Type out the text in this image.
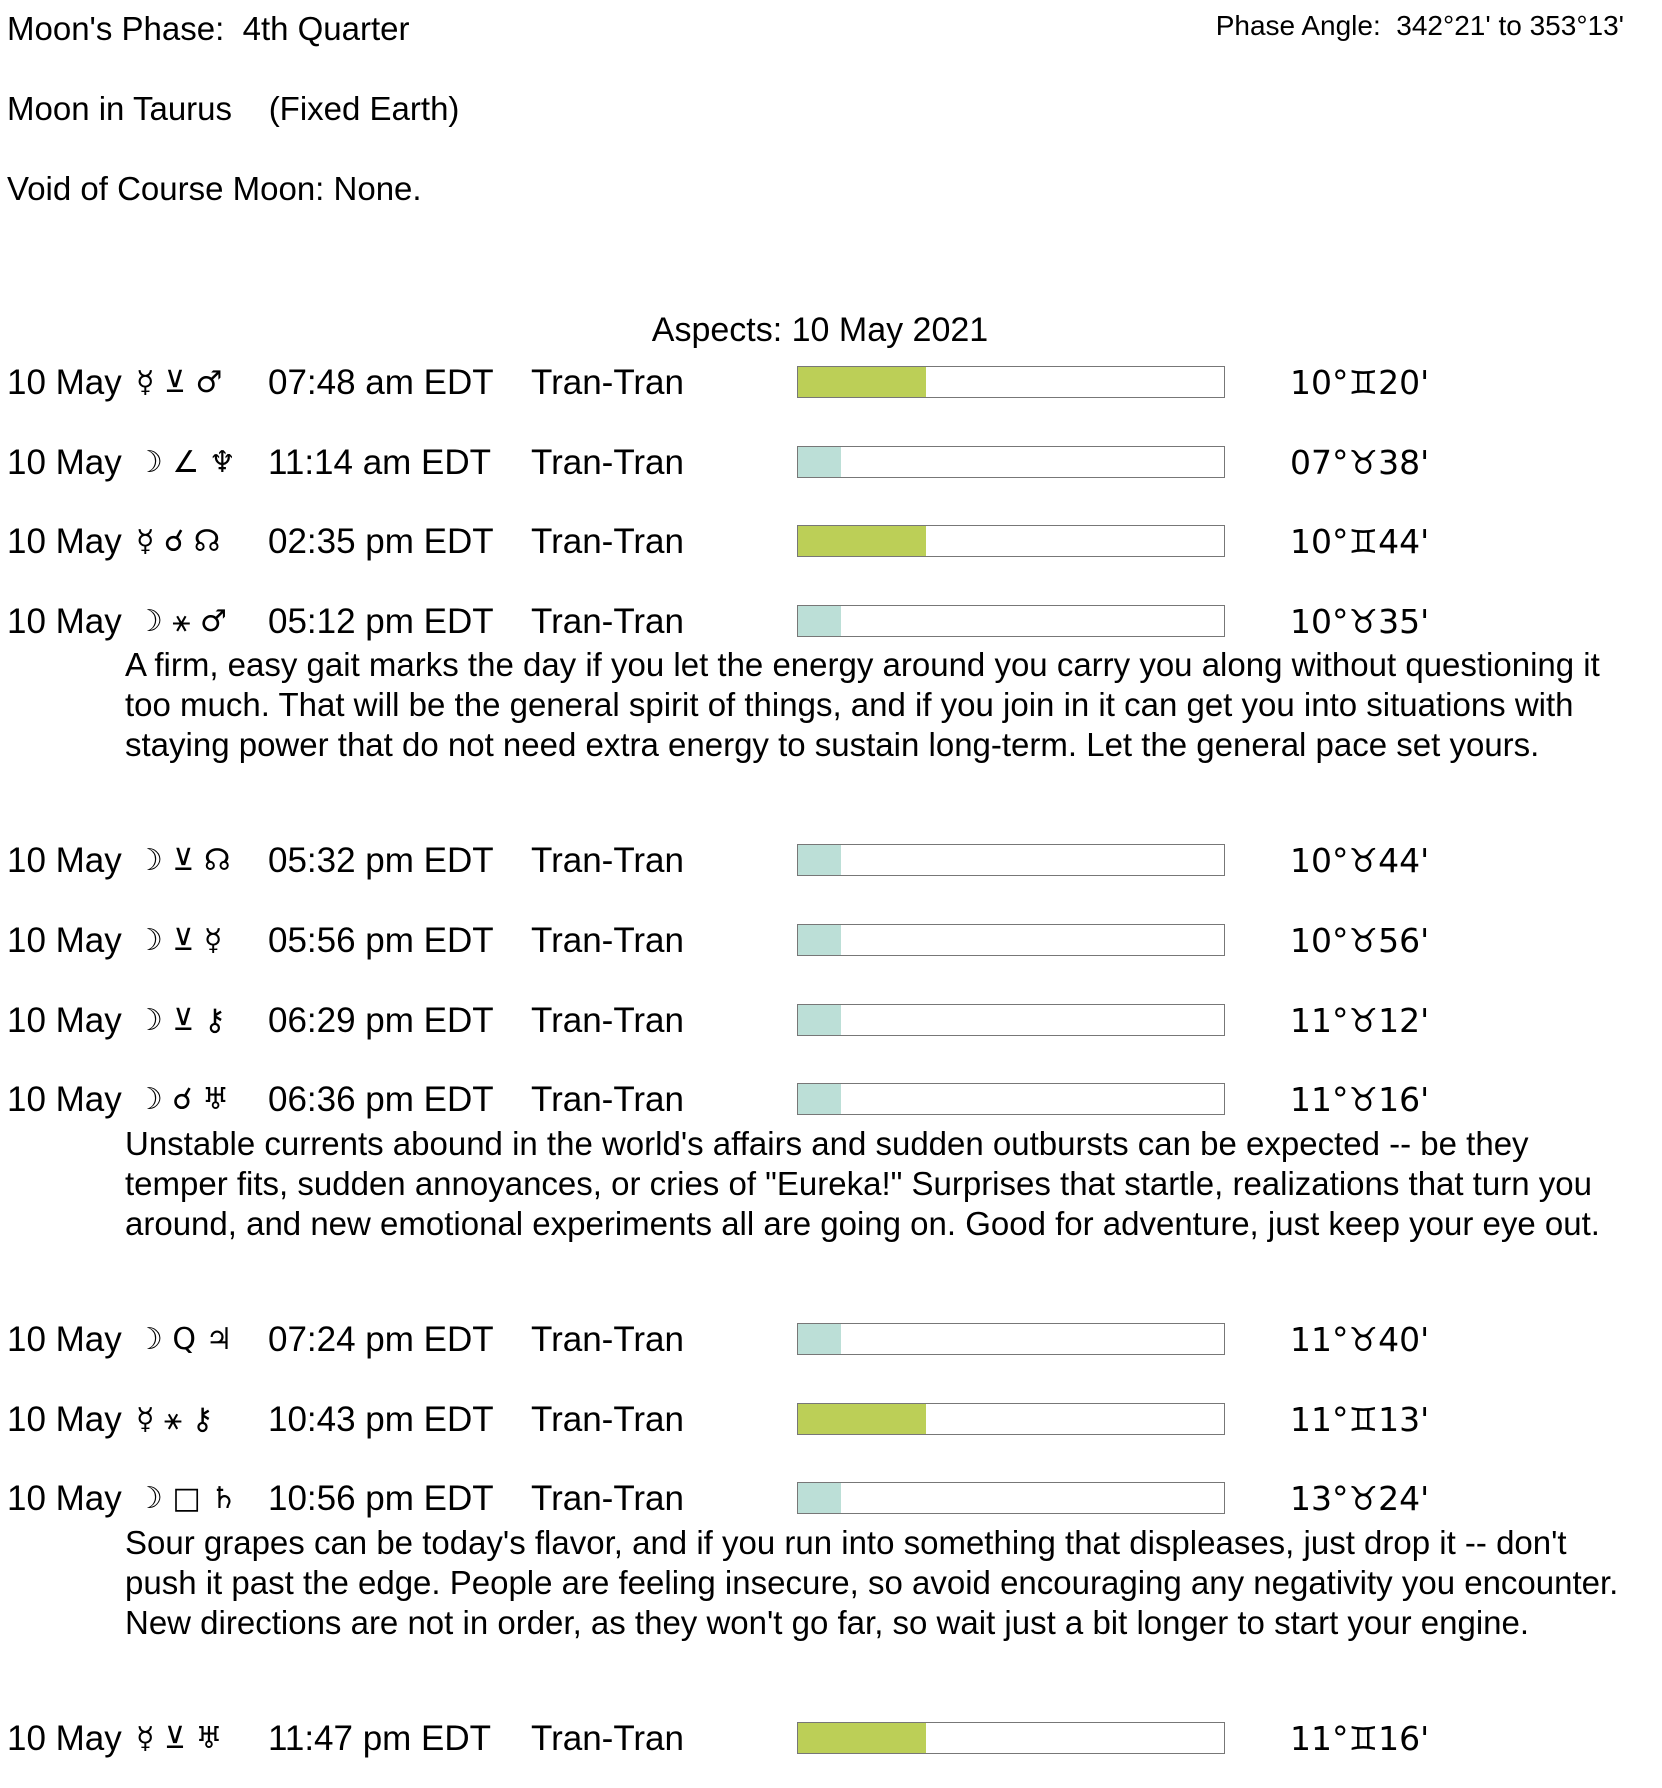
Moon's Phase:  4th Quarter	Phase Angle:  342°21' to 353°13'
Moon in Taurus    (Fixed Earth)
Void of Course Moon: None.
Aspects: 10 May 2021
10 May ☿ ⊻ ♂ 07:48 am EDT Tran-Tran	10°♊20'
10 May ☽ ∠ ♆ 11:14 am EDT Tran-Tran	07°♉38'
10 May ☿ ☌ ☊ 02:35 pm EDT Tran-Tran	10°♊44'
10 May ☽ ⚹ ♂ 05:12 pm EDT Tran-Tran	10°♉35'

A firm, easy gait marks the day if you let the energy around you carry you along without questioning it too much. That will be the general spirit of things, and if you join in it can get you into situations with staying power that do not need extra energy to sustain long-term. Let the general pace set yours.

10 May ☽ ⊻ ☊ 05:32 pm EDT Tran-Tran	10°♉44'
10 May ☽ ⊻ ☿ 05:56 pm EDT Tran-Tran	10°♉56'
10 May ☽ ⊻ ⚷ 06:29 pm EDT Tran-Tran	11°♉12'
10 May ☽ ☌ ♅ 06:36 pm EDT Tran-Tran	11°♉16'

Unstable currents abound in the world's affairs and sudden outbursts can be expected -- be they temper fits, sudden annoyances, or cries of "Eureka!" Surprises that startle, realizations that turn you around, and new emotional experiments all are going on. Good for adventure, just keep your eye out.

10 May ☽ Q ♃ 07:24 pm EDT Tran-Tran	11°♉40'
10 May ☿ ⚹ ⚷ 10:43 pm EDT Tran-Tran	11°♊13'
10 May ☽ □ ♄ 10:56 pm EDT Tran-Tran	13°♉24'

Sour grapes can be today's flavor, and if you run into something that displeases, just drop it -- don't push it past the edge. People are feeling insecure, so avoid encouraging any negativity you encounter. New directions are not in order, as they won't go far, so wait just a bit longer to start your engine.

10 May ☿ ⊻ ♅ 11:47 pm EDT Tran-Tran	11°♊16'
